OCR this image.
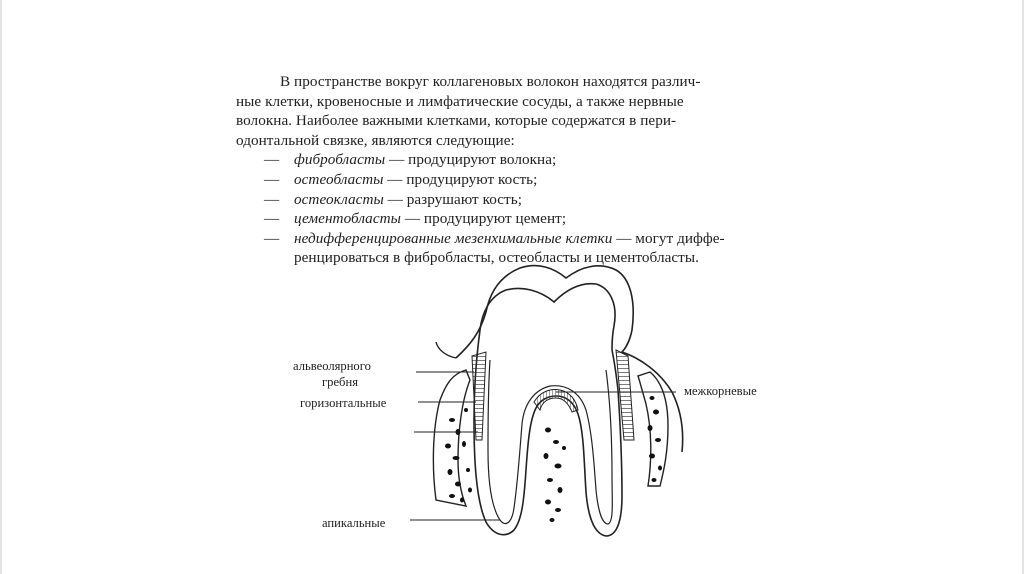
В пространстве вокруг коллагеновых волокон находятся различ-
ные клетки, кровеносные и лимфатические сосуды, а также нервные
волокна. Наиболее важными клетками, которые содержатся в пери-
одонтальной связке, являются следующие:

— фибробласты — продуцируют волокна;
— остеобласты — продуцируют кость;
— остеокласты — разрушают кость;
— цементобласты — продуцируют цемент;
— недифференцированные мезенхимальные клетки — могут диффе-
ренцироваться в фибробласты, остеобласты и цементобласты.
альвеолярного
гребня
горизонтальные
межкорневые
апикальные
